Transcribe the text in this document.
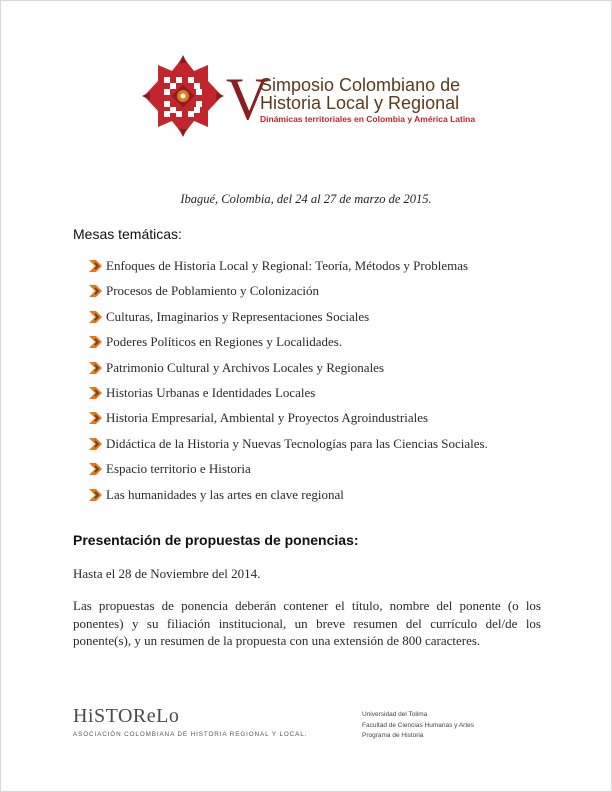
V
Simposio Colombiano de
Historia Local y Regional
Dinámicas territoriales en Colombia y América Latina
Ibagué, Colombia, del 24 al 27 de marzo de 2015.
Mesas temáticas:
Enfoques de Historia Local y Regional: Teoría, Métodos y Problemas
Procesos de Poblamiento y Colonización
Culturas, Imaginarios y Representaciones Sociales
Poderes Políticos en Regiones y Localidades.
Patrimonio Cultural y Archivos Locales y Regionales
Historias Urbanas e Identidades Locales
Historia Empresarial, Ambiental y Proyectos Agroindustriales
Didáctica de la Historia y Nuevas Tecnologías para las Ciencias Sociales.
Espacio territorio e Historia
Las humanidades y las artes en clave regional
Presentación de propuestas de ponencias:
Hasta el 28 de Noviembre del 2014.
Las propuestas de ponencia deberán contener el título, nombre del ponente (o los ponentes) y su filiación institucional, un breve resumen del currículo del/de los ponente(s), y un resumen de la propuesta con una extensión de 800 caracteres.
HiSTOReLo
ASOCIACIÓN COLOMBIANA DE HISTORIA REGIONAL Y LOCAL.
Universidad del Tolima
Facultad de Ciencias Humanas y Artes
Programa de Historia
